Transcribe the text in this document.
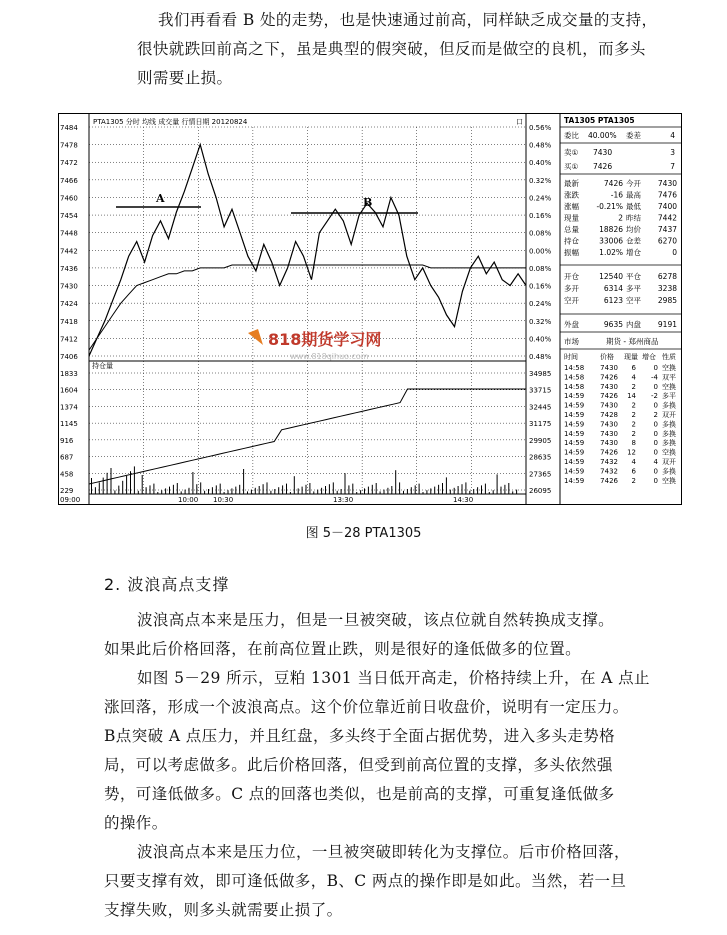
我们再看看 B 处的走势，也是快速通过前高，同样缺乏成交量的支持，

很快就跌回前高之下，虽是典型的假突破，但反而是做空的良机，而多头

则需要止损。

PTA1305 分时 均线 成交量 行情日期 20120824	口
7484	0.56%
7478	0.48%
7472	0.40%
7466	0.32%
7460	0.24%
7454	0.16%
7448	0.08%
7442	0.00%
7436	0.08%
7430	0.16%
7424	0.24%
7418	0.32%
7412	0.40%
7406	0.48%
持仓量
1833	34985
1604	33715
1374	32445
1145	31175
916	29905
687	28635
458	27365
229	26095
09:00	10:00 10:30	13:30	14:30
A	B
818期货学习网
www.818qihuo.com
TA1305 PTA1305
委比 40.00% 委差	4
卖① 7430	3
买① 7426	7
最新	7426 今开 7430
涨跌	-16 最高 7476
涨幅 -0.21% 最低 7400
现量	2 昨结 7442
总量	18826 均价 7437
持仓	33006 仓差 6270
振幅	1.02% 增仓	0
开仓	12540 平仓 6278
多开	6314 多平 3238
空开	6123 空平 2985
外盘	9635 内盘 9191
市场	期货 - 郑州商品
时间	价格 现量 增仓 性质
14:58 7430 6	0 空换
14:58 7426 4 -4 双平
14:58 7430 2	0 空换
14:59 7426 14 -2 多平
14:59 7430 2	0 多换
14:59 7428 2	2 双开
14:59 7430 2	0 多换
14:59 7430 2	0 多换
14:59 7430 8	0 多换
14:59 7426 12	0 空换
14:59 7432 4	4 双开
14:59 7432 6	0 多换
14:59 7426 2	0 空换
图 5－28 PTA1305
2. 波浪高点支撑

波浪高点本来是压力，但是一旦被突破，该点位就自然转换成支撑。

如果此后价格回落，在前高位置止跌，则是很好的逢低做多的位置。

如图 5－29 所示，豆粕 1301 当日低开高走，价格持续上升，在 A 点止

涨回落，形成一个波浪高点。这个价位靠近前日收盘价，说明有一定压力。

B点突破 A 点压力，并且红盘，多头终于全面占据优势，进入多头走势格

局，可以考虑做多。此后价格回落，但受到前高位置的支撑，多头依然强

势，可逢低做多。C 点的回落也类似，也是前高的支撑，可重复逢低做多

的操作。

波浪高点本来是压力位，一旦被突破即转化为支撑位。后市价格回落，

只要支撑有效，即可逢低做多，B、C 两点的操作即是如此。当然，若一旦

支撑失败，则多头就需要止损了。
